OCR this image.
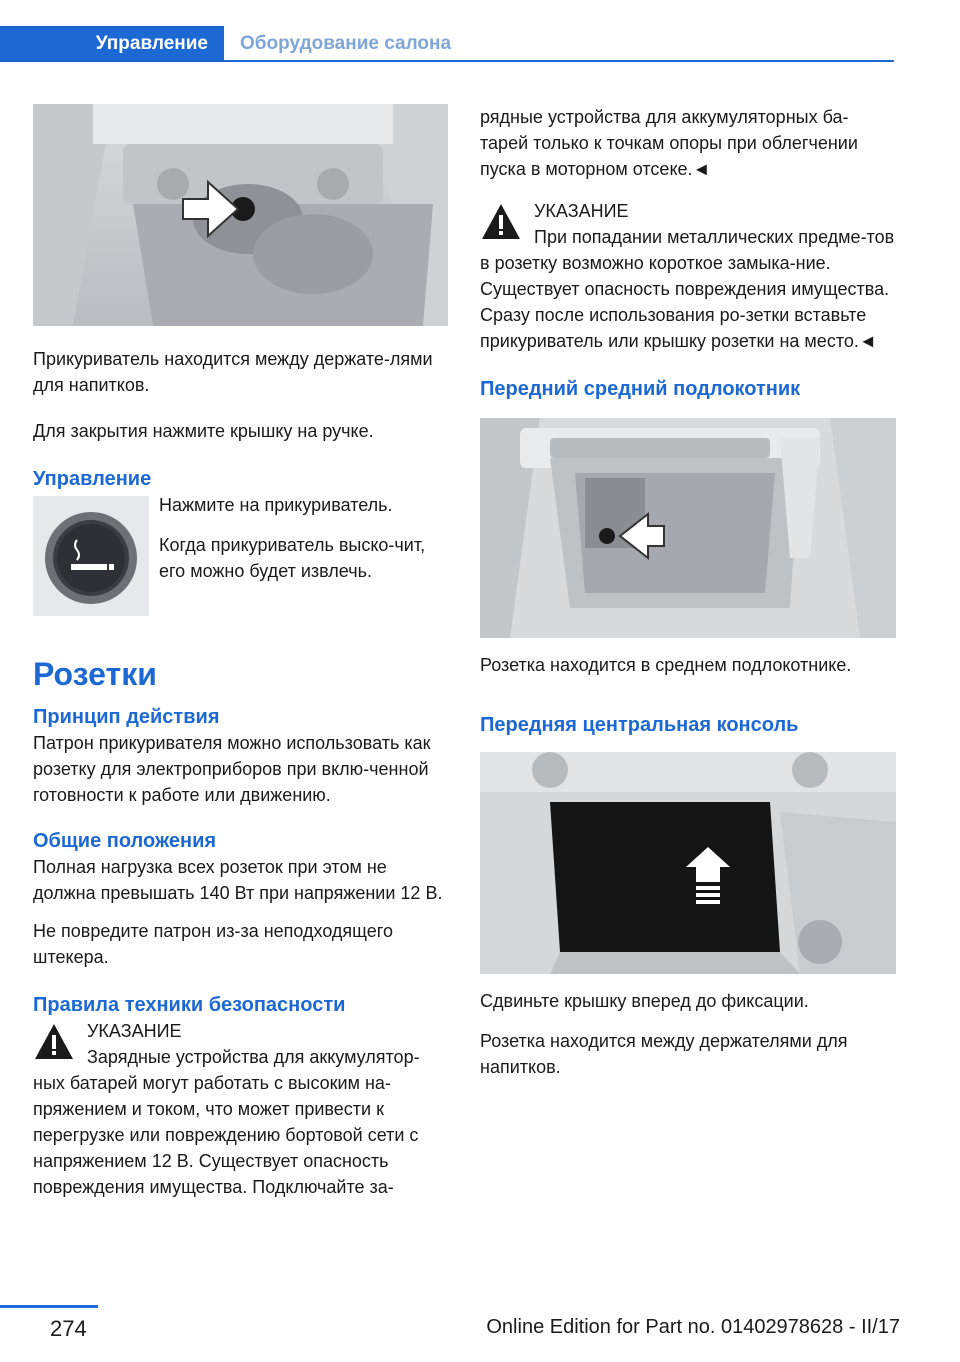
Управление	Оборудование салона

Прикуриватель находится между держате-лями для напитков.

Для закрытия нажмите крышку на ручке.

Управление

Нажмите на прикуриватель.

Когда прикуриватель выско-чит, его можно будет извлечь.

Розетки
Принцип действия

Патрон прикуривателя можно использовать как розетку для электроприборов при вклю-ченной готовности к работе или движению.

Общие положения

Полная нагрузка всех розеток при этом не должна превышать 140 Вт при напряжении 12 В.

Не повредите патрон из-за неподходящего штекера.

Правила техники безопасности

УКАЗАНИЕ

Зарядные устройства для аккумулятор-ных батарей могут работать с высоким на-пряжением и током, что может привести к перегрузке или повреждению бортовой сети с напряжением 12 В. Существует опасность повреждения имущества. Подключайте за-

рядные устройства для аккумуляторных ба-тарей только к точкам опоры при облегчении пуска в моторном отсеке.◄

УКАЗАНИЕ

При попадании металлических предме-тов в розетку возможно короткое замыка-ние. Существует опасность повреждения имущества. Сразу после использования ро-зетки вставьте прикуриватель или крышку розетки на место.◄

Передний средний подлокотник

Розетка находится в среднем подлокотнике.

Передняя центральная консоль

Сдвиньте крышку вперед до фиксации.

Розетка находится между держателями для напитков.

274	Online Edition for Part no. 01402978628 - II/17
